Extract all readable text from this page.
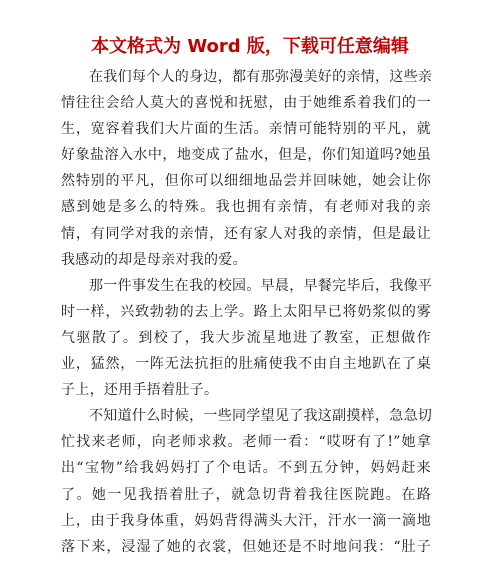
本文格式为 Word 版，下载可任意编辑
在我们每个人的身边，都有那弥漫美好的亲情，这些亲
情往往会给人莫大的喜悦和抚慰，由于她维系着我们的一
生，宽容着我们大片面的生活。亲情可能特别的平凡，就
好象盐溶入水中，地变成了盐水，但是，你们知道吗?她虽
然特别的平凡，但你可以细细地品尝并回味她，她会让你
感到她是多么的特殊。我也拥有亲情，有老师对我的亲
情，有同学对我的亲情，还有家人对我的亲情，但是最让
我感动的却是母亲对我的爱。
那一件事发生在我的校园。早晨，早餐完毕后，我像平
时一样，兴致勃勃的去上学。路上太阳早已将奶浆似的雾
气驱散了。到校了，我大步流星地进了教室，正想做作
业，猛然，一阵无法抗拒的肚痛使我不由自主地趴在了桌
子上，还用手捂着肚子。
不知道什么时候，一些同学望见了我这副摸样，急急切
忙找来老师，向老师求救。老师一看：“哎呀有了!”她拿
出“宝物”给我妈妈打了个电话。不到五分钟，妈妈赶来
了。她一见我捂着肚子，就急切背着我往医院跑。在路
上，由于我身体重，妈妈背得满头大汗，汗水一滴一滴地
落下来，浸湿了她的衣裳，但她还是不时地问我：“肚子
